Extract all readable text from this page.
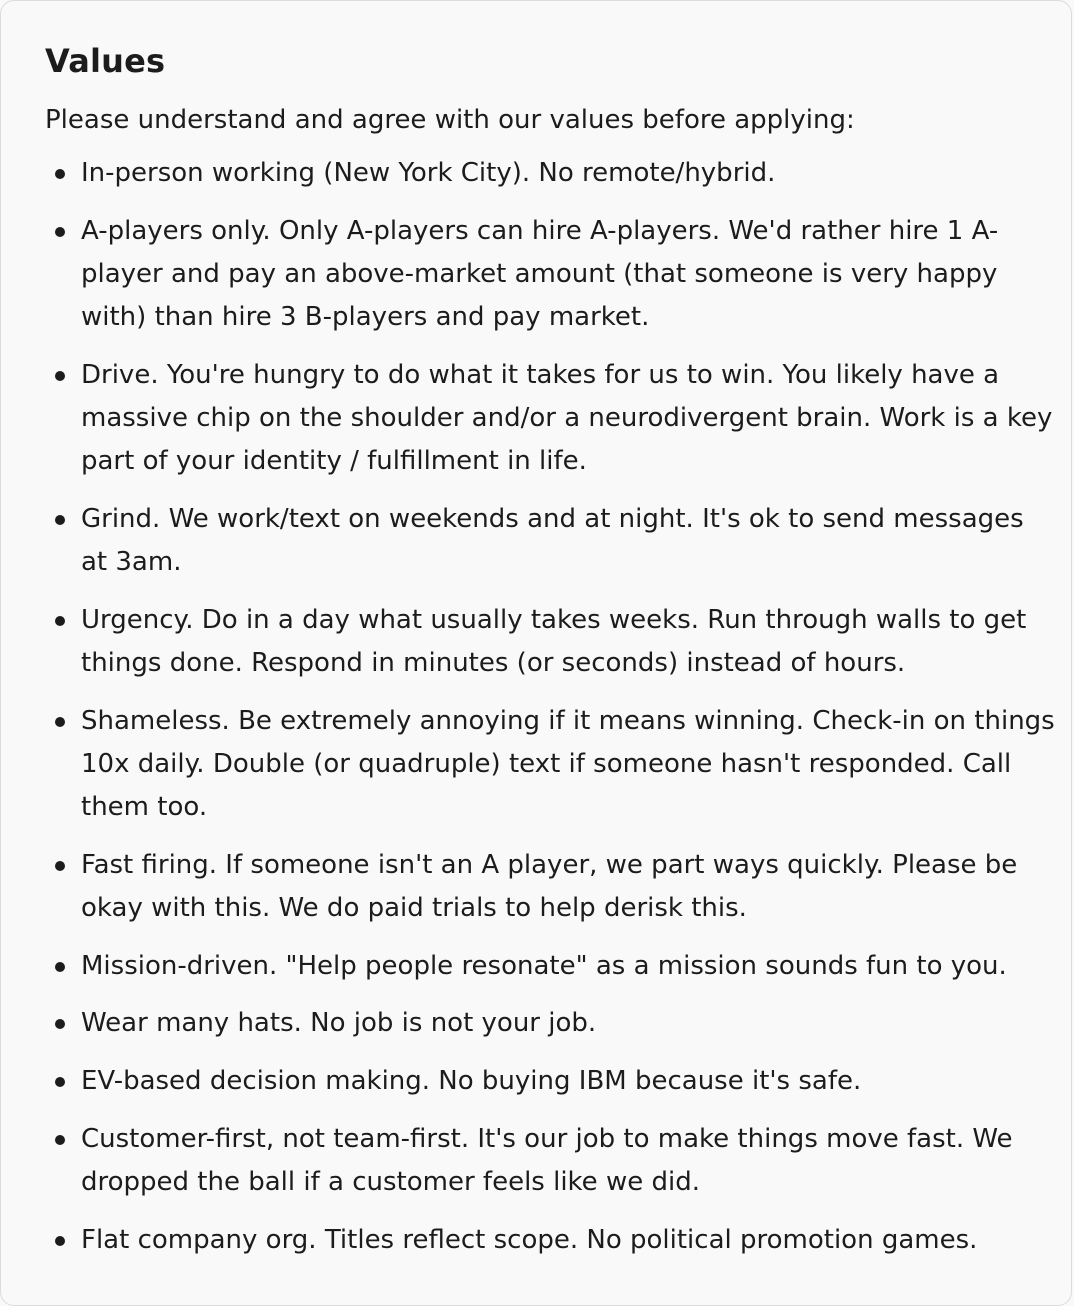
Values

Please understand and agree with our values before applying:

In-person working (New York City). No remote/hybrid.
A-players only. Only A-players can hire A-players. We'd rather hire 1 A-player and pay an above-market amount (that someone is very happy with) than hire 3 B-players and pay market.
Drive. You're hungry to do what it takes for us to win. You likely have a massive chip on the shoulder and/or a neurodivergent brain. Work is a key part of your identity / fulfillment in life.
Grind. We work/text on weekends and at night. It's ok to send messages at 3am.
Urgency. Do in a day what usually takes weeks. Run through walls to get things done. Respond in minutes (or seconds) instead of hours.
Shameless. Be extremely annoying if it means winning. Check-in on things 10x daily. Double (or quadruple) text if someone hasn't responded. Call them too.
Fast firing. If someone isn't an A player, we part ways quickly. Please be okay with this. We do paid trials to help derisk this.
Mission-driven. "Help people resonate" as a mission sounds fun to you.
Wear many hats. No job is not your job.
EV-based decision making. No buying IBM because it's safe.
Customer-first, not team-first. It's our job to make things move fast. We dropped the ball if a customer feels like we did.
Flat company org. Titles reflect scope. No political promotion games.
